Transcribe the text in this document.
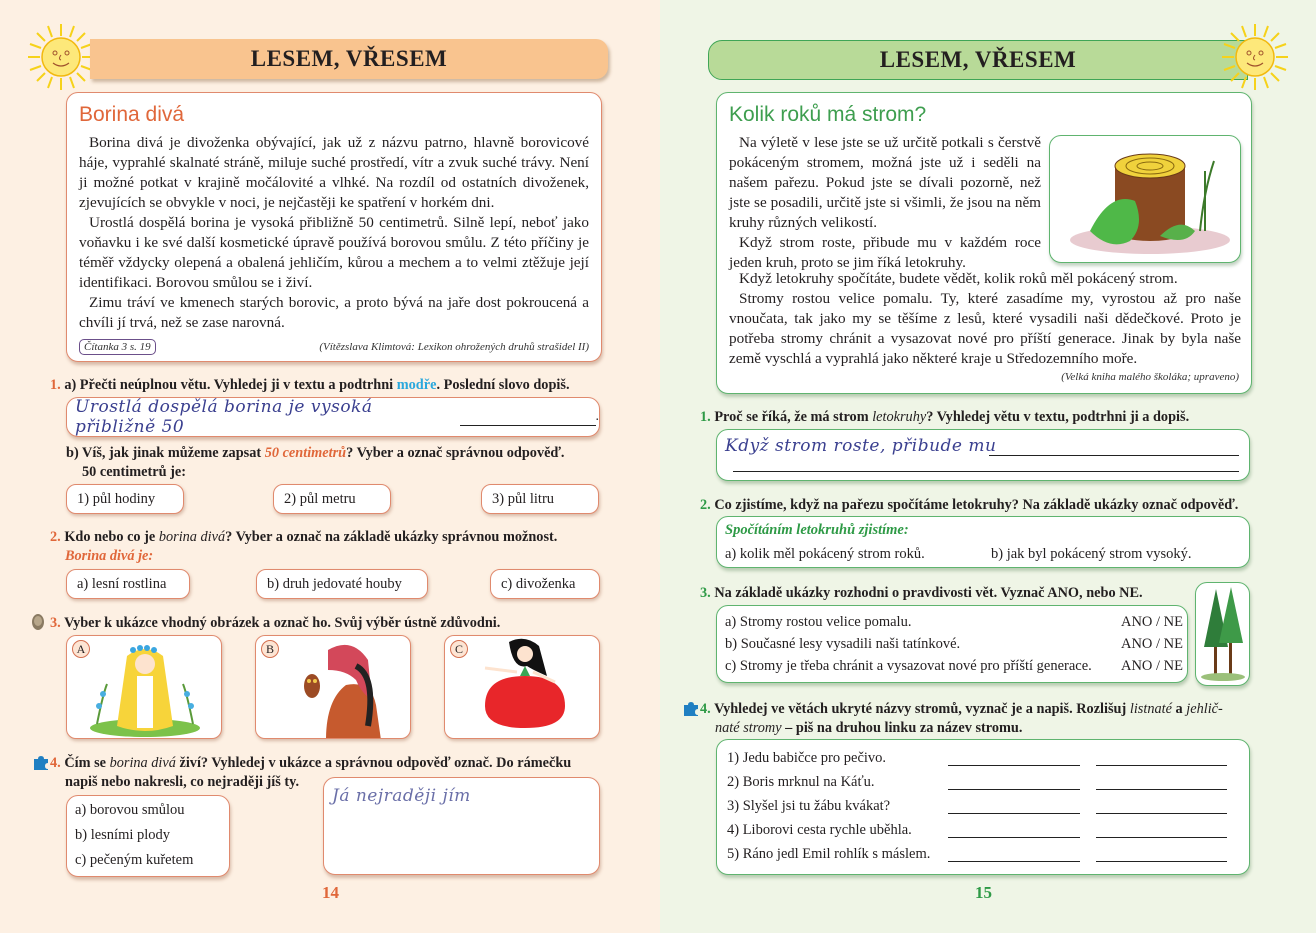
LESEM, VŘESEM
Borina divá

Borina divá je divoženka obývající, jak už z názvu patrno, hlavně borovicové háje, vyprahlé skalnaté stráně, miluje suché prostředí, vítr a zvuk suché trávy. Není ji možné potkat v krajině močálovité a vlhké. Na rozdíl od ostatních divoženek, zjevujících se obvykle v noci, je nejčastěji ke spatření v horkém dni.

Urostlá dospělá borina je vysoká přibližně 50 centimetrů. Silně lepí, neboť jako voňavku i ke své další kosmetické úpravě používá borovou smůlu. Z této příčiny je téměř vždycky olepená a obalená jehličím, kůrou a mechem a to velmi ztěžuje její identifikaci. Borovou smůlou se i živí.

Zimu tráví ve kmenech starých borovic, a proto bývá na jaře dost pokroucená a chvíli jí trvá, než se zase narovná.

Čítanka 3 s. 19	(Vítězslava Klimtová: Lexikon ohrožených druhů strašidel II)
1. a) Přečti neúplnou větu. Vyhledej ji v textu a podtrhni modře. Poslední slovo dopiš.
Urostlá dospělá borina je vysoká přibližně 50
.
b) Víš, jak jinak můžeme zapsat 50 centimetrů? Vyber a označ správnou odpověď.
50 centimetrů je:
1) půl hodiny	2) půl metru	3) půl litru
2. Kdo nebo co je borina divá? Vyber a označ na základě ukázky správnou možnost.
Borina divá je:
a) lesní rostlina	b) druh jedovaté houby	c) divoženka
3. Vyber k ukázce vhodný obrázek a označ ho. Svůj výběr ústně zdůvodni.
A	B	C
4. Čím se borina divá živí? Vyhledej v ukázce a správnou odpověď označ. Do rámečku
napiš nebo nakresli, co nejraději jíš ty.
a) borovou smůlou
b) lesními plody
c) pečeným kuřetem
Já nejraději jím
14
LESEM, VŘESEM
Kolik roků má strom?

Na výletě v lese jste se už určitě potkali s čerstvě pokáceným stromem, možná jste už i seděli na našem pařezu. Pokud jste se dívali pozorně, než jste se posadili, určitě jste si všimli, že jsou na něm kruhy různých velikostí.

Když strom roste, přibude mu v každém roce jeden kruh, proto se jim říká letokruhy.

Když letokruhy spočítáte, budete vědět, kolik roků měl pokácený strom.

Stromy rostou velice pomalu. Ty, které zasadíme my, vyrostou až pro naše vnoučata, tak jako my se těšíme z lesů, které vysadili naši dědečkové. Proto je potřeba stromy chránit a vysazovat nové pro příští generace. Jinak by byla naše země vyschlá a vyprahlá jako některé kraje u Středozemního moře.

(Velká kniha malého školáka; upraveno)
1. Proč se říká, že má strom letokruhy? Vyhledej větu v textu, podtrhni ji a dopiš.
Když strom roste, přibude mu
2. Co zjistíme, když na pařezu spočítáme letokruhy? Na základě ukázky označ odpověď.
Spočítáním letokruhů zjistíme:
a) kolik měl pokácený strom roků.	b) jak byl pokácený strom vysoký.
3. Na základě ukázky rozhodni o pravdivosti vět. Vyznač ANO, nebo NE.
a) Stromy rostou velice pomalu.	ANO / NE
b) Současné lesy vysadili naši tatínkové.	ANO / NE
c) Stromy je třeba chránit a vysazovat nové pro příští generace. ANO / NE
4. Vyhledej ve větách ukryté názvy stromů, vyznač je a napiš. Rozlišuj listnaté a jehlič-
naté stromy – piš na druhou linku za název stromu.
1) Jedu babičce pro pečivo.
2) Boris mrknul na Káťu.
3) Slyšel jsi tu žábu kvákat?
4) Liborovi cesta rychle uběhla.
5) Ráno jedl Emil rohlík s máslem.
15
